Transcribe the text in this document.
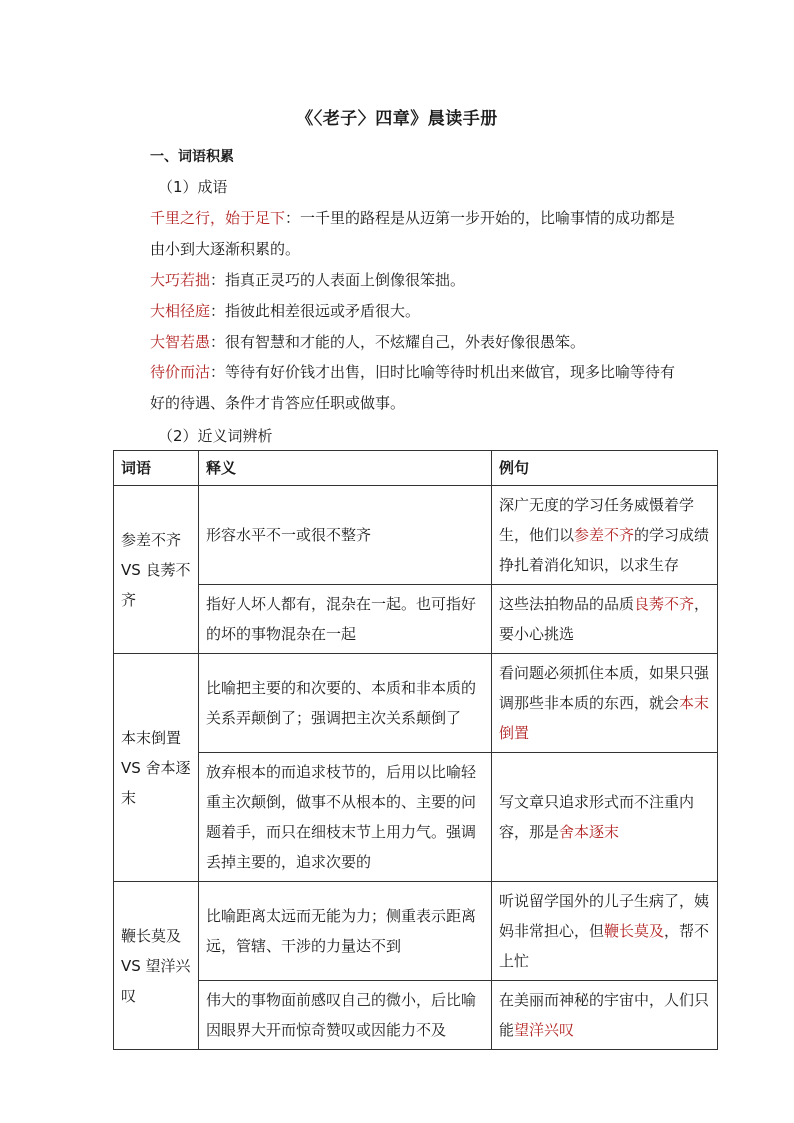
《〈老子〉四章》晨读手册
一、词语积累
（1）成语
千里之行，始于足下：一千里的路程是从迈第一步开始的，比喻事情的成功都是由小到大逐渐积累的。
大巧若拙：指真正灵巧的人表面上倒像很笨拙。
大相径庭：指彼此相差很远或矛盾很大。
大智若愚：很有智慧和才能的人，不炫耀自己，外表好像很愚笨。
待价而沽：等待有好价钱才出售，旧时比喻等待时机出来做官，现多比喻等待有好的待遇、条件才肯答应任职或做事。
（2）近义词辨析
词语	释义	例句
参差不齐 VS 良莠不齐	形容水平不一或很不整齐	深广无度的学习任务威慑着学生，他们以参差不齐的学习成绩挣扎着消化知识，以求生存
	指好人坏人都有，混杂在一起。也可指好的坏的事物混杂在一起	这些法拍物品的品质良莠不齐，要小心挑选
本末倒置 VS 舍本逐末	比喻把主要的和次要的、本质和非本质的关系弄颠倒了；强调把主次关系颠倒了	看问题必须抓住本质，如果只强调那些非本质的东西，就会本末倒置
	放弃根本的而追求枝节的，后用以比喻轻重主次颠倒，做事不从根本的、主要的问题着手，而只在细枝末节上用力气。强调丢掉主要的，追求次要的	写文章只追求形式而不注重内容，那是舍本逐末
鞭长莫及 VS 望洋兴叹	比喻距离太远而无能为力；侧重表示距离远，管辖、干涉的力量达不到	听说留学国外的儿子生病了，姨妈非常担心，但鞭长莫及，帮不上忙
	伟大的事物面前感叹自己的微小，后比喻因眼界大开而惊奇赞叹或因能力不及	在美丽而神秘的宇宙中，人们只能望洋兴叹
